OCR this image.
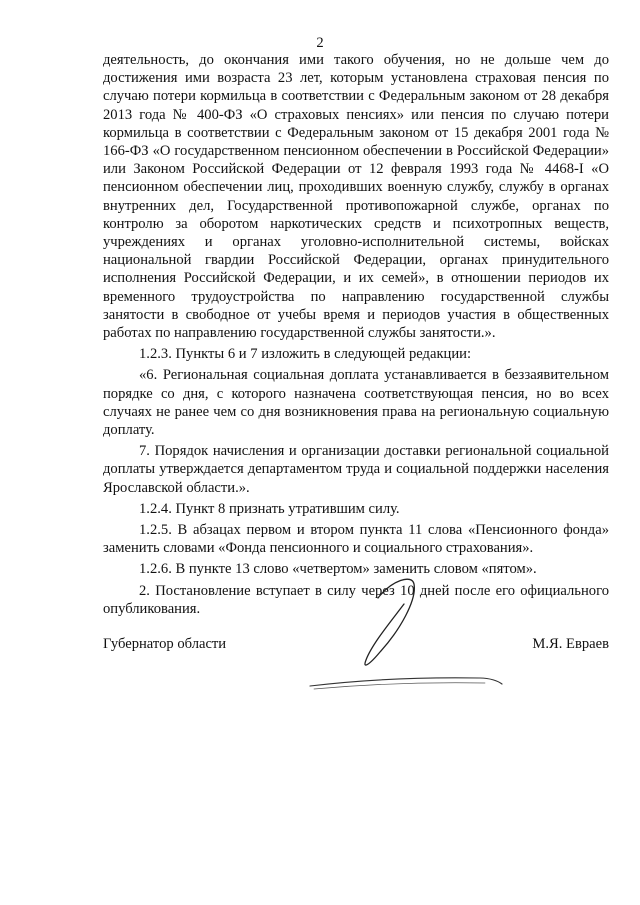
2

деятельность, до окончания ими такого обучения, но не дольше чем до достижения ими возраста 23 лет, которым установлена страховая пенсия по случаю потери кормильца в соответствии с Федеральным законом от 28 декабря 2013 года № 400-ФЗ «О страховых пенсиях» или пенсия по случаю потери кормильца в соответствии с Федеральным законом от 15 декабря 2001 года № 166-ФЗ «О государственном пенсионном обеспечении в Российской Федерации» или Законом Российской Федерации от 12 февраля 1993 года № 4468-I «О пенсионном обеспечении лиц, проходивших военную службу, службу в органах внутренних дел, Государственной противопожарной службе, органах по контролю за оборотом наркотических средств и психотропных веществ, учреждениях и органах уголовно-исполнительной системы, войсках национальной гвардии Российской Федерации, органах принудительного исполнения Российской Федерации, и их семей», в отношении периодов их временного трудоустройства по направлению государственной службы занятости в свободное от учебы время и периодов участия в общественных работах по направлению государственной службы занятости.».

1.2.3. Пункты 6 и 7 изложить в следующей редакции:

«6. Региональная социальная доплата устанавливается в беззаявительном порядке со дня, с которого назначена соответствующая пенсия, но во всех случаях не ранее чем со дня возникновения права на региональную социальную доплату.

7. Порядок начисления и организации доставки региональной социальной доплаты утверждается департаментом труда и социальной поддержки населения Ярославской области.».

1.2.4. Пункт 8 признать утратившим силу.

1.2.5. В абзацах первом и втором пункта 11 слова «Пенсионного фонда» заменить словами «Фонда пенсионного и социального страхования».

1.2.6. В пункте 13 слово «четвертом» заменить словом «пятом».

2. Постановление вступает в силу через 10 дней после его официального опубликования.

Губернатор области	М.Я. Евраев
